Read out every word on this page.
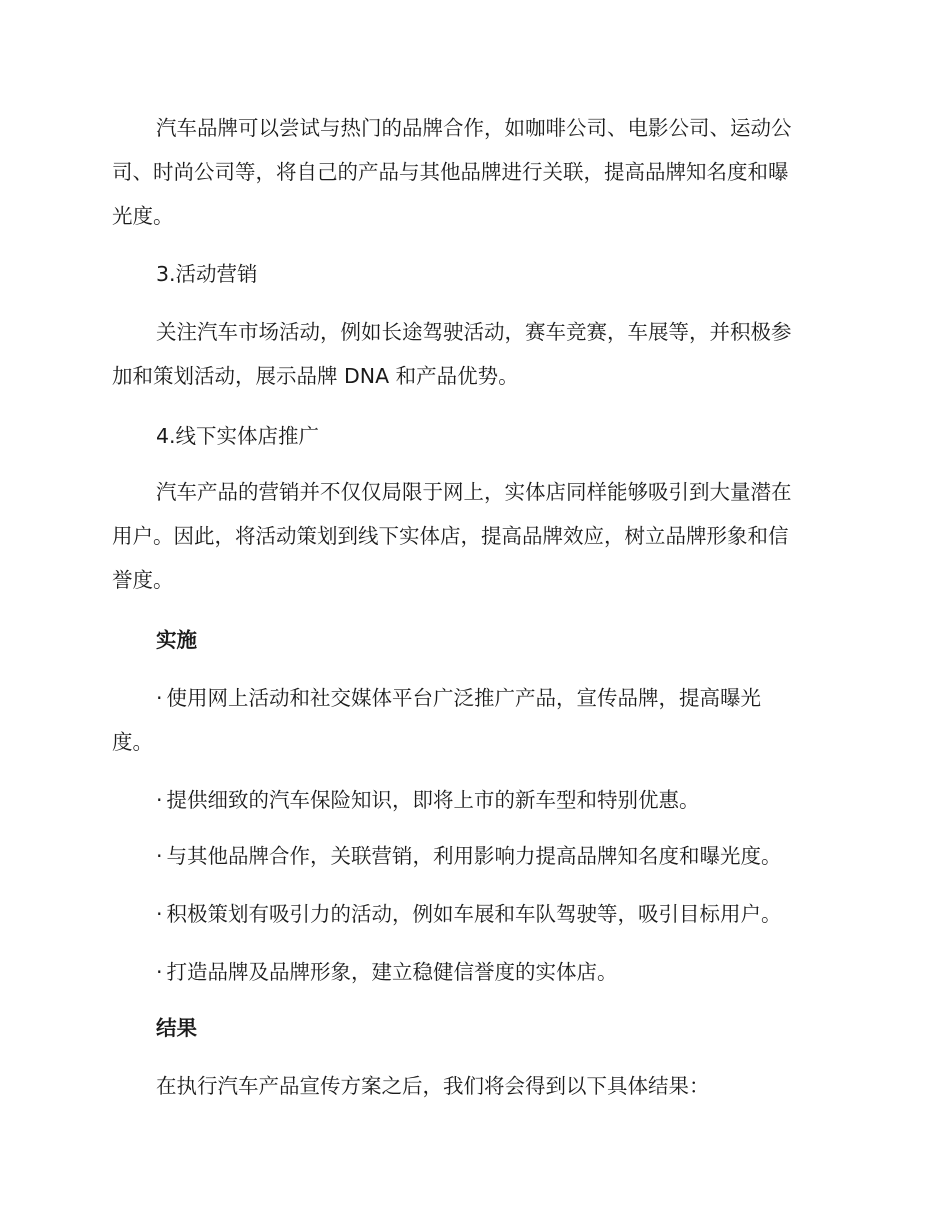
汽车品牌可以尝试与热门的品牌合作，如咖啡公司、电影公司、运动公
司、时尚公司等，将自己的产品与其他品牌进行关联，提高品牌知名度和曝
光度。

3.活动营销

关注汽车市场活动，例如长途驾驶活动，赛车竞赛，车展等，并积极参
加和策划活动，展示品牌 DNA 和产品优势。

4.线下实体店推广

汽车产品的营销并不仅仅局限于网上，实体店同样能够吸引到大量潜在
用户。因此，将活动策划到线下实体店，提高品牌效应，树立品牌形象和信
誉度。

实施

· 使用网上活动和社交媒体平台广泛推广产品，宣传品牌，提高曝光
度。

· 提供细致的汽车保险知识，即将上市的新车型和特别优惠。

· 与其他品牌合作，关联营销，利用影响力提高品牌知名度和曝光度。

· 积极策划有吸引力的活动，例如车展和车队驾驶等，吸引目标用户。

· 打造品牌及品牌形象，建立稳健信誉度的实体店。

结果

在执行汽车产品宣传方案之后，我们将会得到以下具体结果：
